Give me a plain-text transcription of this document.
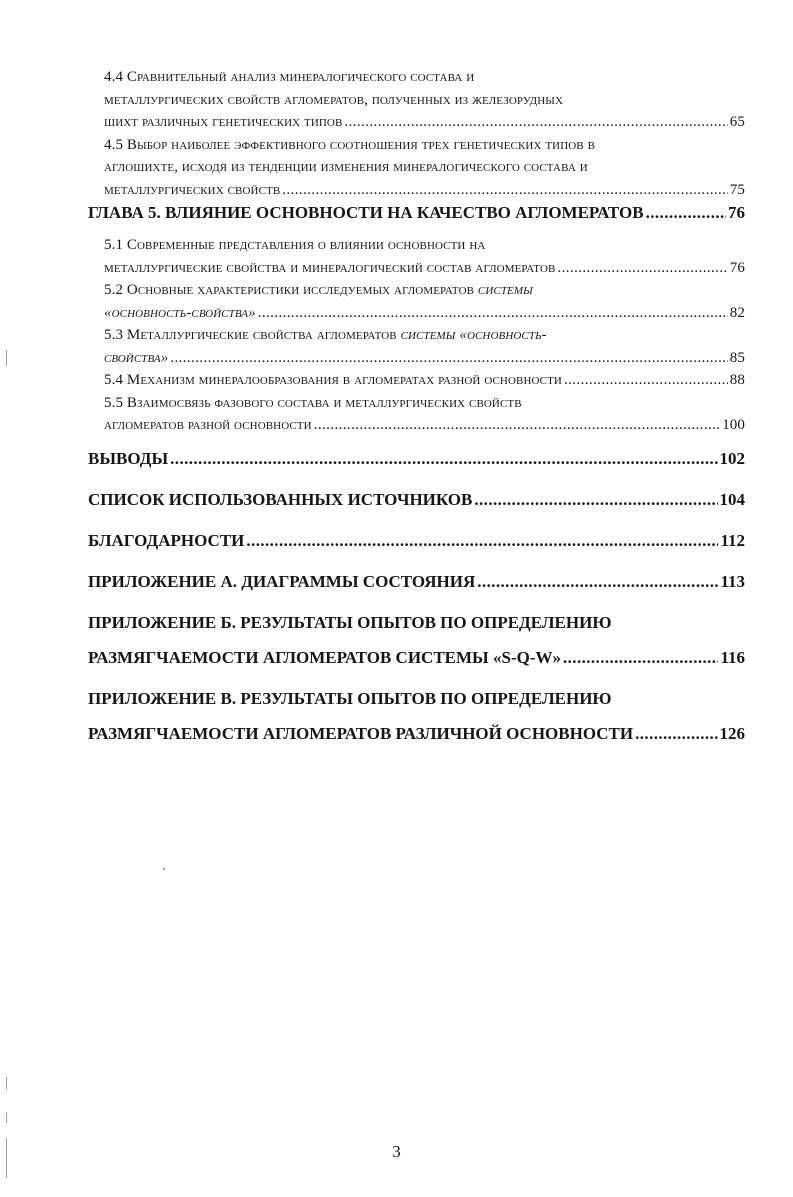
4.4 Сравнительный анализ минералогического состава и
металлургических свойств агломератов, полученных из железорудных
шихт различных генетических типов .....	65
4.5 Выбор наиболее эффективного соотношения трех генетических типов в
аглошихте, исходя из тенденции изменения минералогического состава и
металлургических свойств .....	75
ГЛАВА 5. ВЛИЯНИЕ ОСНОВНОСТИ НА КАЧЕСТВО АГЛОМЕРАТОВ .....	76
5.1 Современные представления о влиянии основности на
металлургические свойства и минералогический состав агломератов .....	76
5.2 Основные характеристики исследуемых агломератов системы
«основность-свойства» .....	82
5.3 Металлургические свойства агломератов системы «основность-
свойства» .....	85
5.4 Механизм минералообразования в агломератах разной основности .....	88
5.5 Взаимосвязь фазового состава и металлургических свойств
агломератов разной основности .....	100
ВЫВОДЫ .....	102
СПИСОК ИСПОЛЬЗОВАННЫХ ИСТОЧНИКОВ .....	104
БЛАГОДАРНОСТИ .....	112
ПРИЛОЖЕНИЕ А. ДИАГРАММЫ СОСТОЯНИЯ .....	113
ПРИЛОЖЕНИЕ Б. РЕЗУЛЬТАТЫ ОПЫТОВ ПО ОПРЕДЕЛЕНИЮ
РАЗМЯГЧАЕМОСТИ АГЛОМЕРАТОВ СИСТЕМЫ «S-Q-W» .....	116
ПРИЛОЖЕНИЕ В. РЕЗУЛЬТАТЫ ОПЫТОВ ПО ОПРЕДЕЛЕНИЮ
РАЗМЯГЧАЕМОСТИ АГЛОМЕРАТОВ РАЗЛИЧНОЙ ОСНОВНОСТИ .....	126
3
